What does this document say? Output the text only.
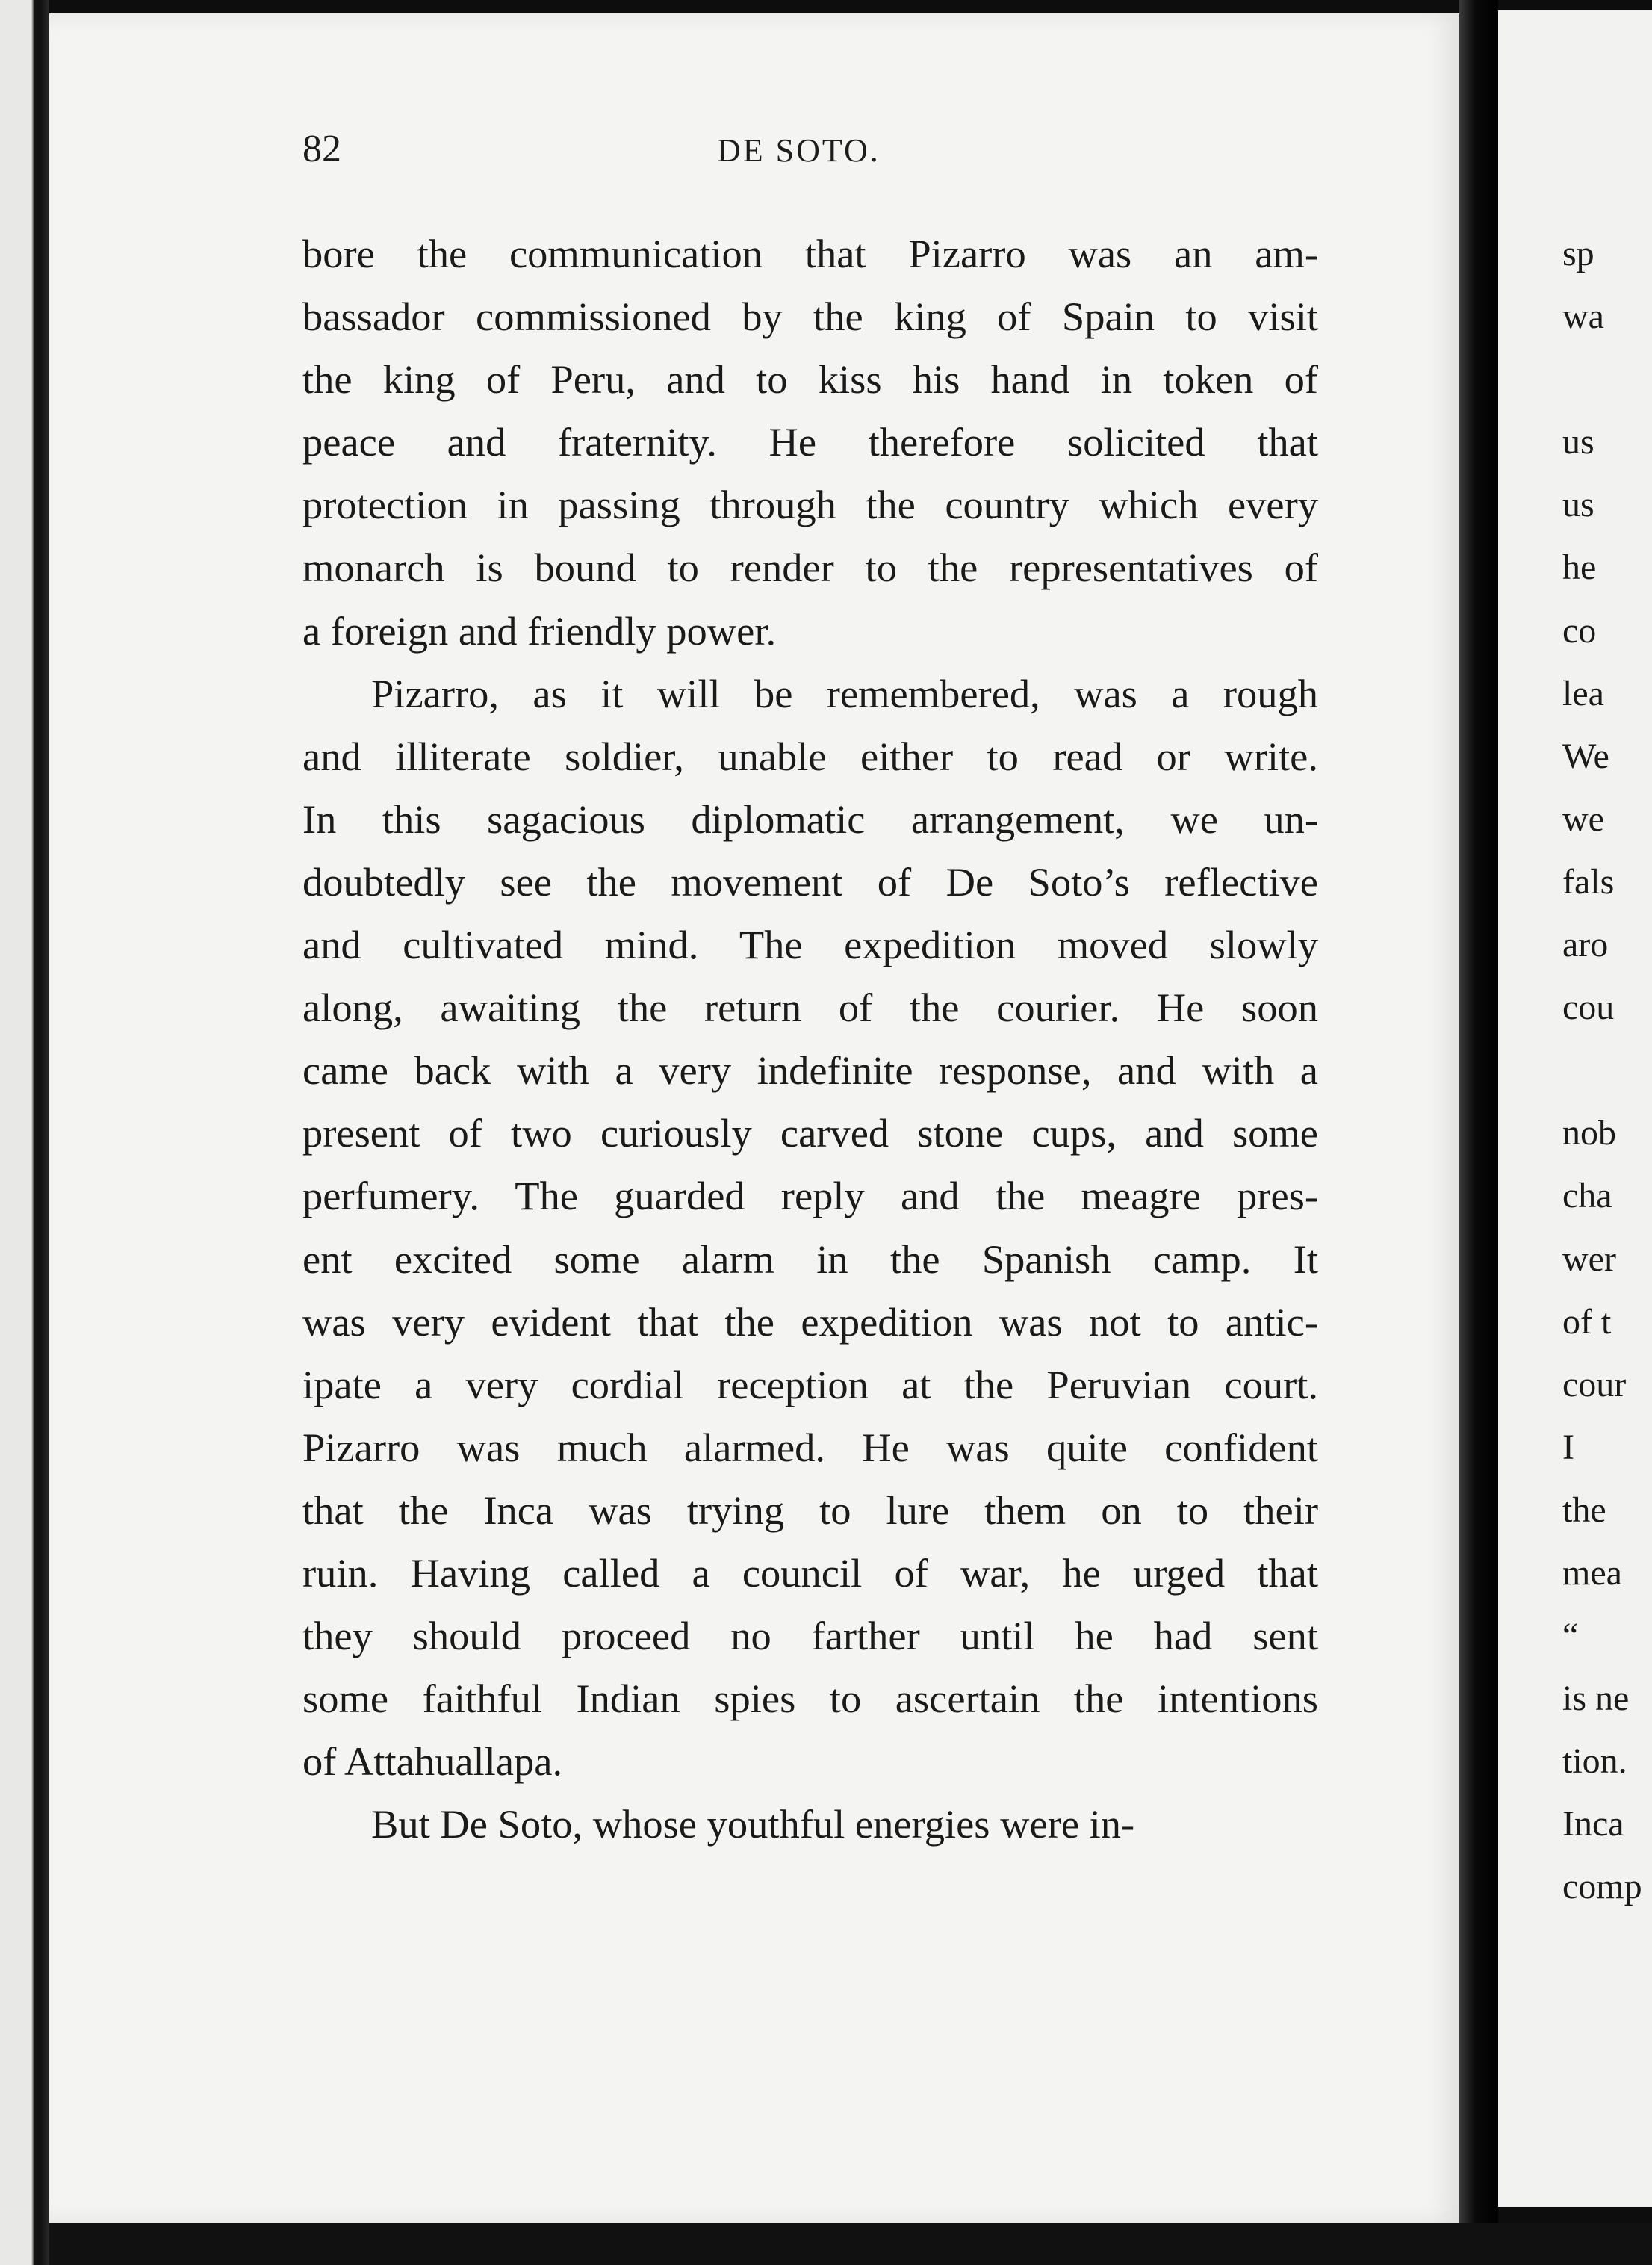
82	DE SOTO.
bore the communication that Pizarro was an am-
bassador commissioned by the king of Spain to visit
the king of Peru, and to kiss his hand in token of
peace and fraternity. He therefore solicited that
protection in passing through the country which every
monarch is bound to render to the representatives of
a foreign and friendly power.
Pizarro, as it will be remembered, was a rough
and illiterate soldier, unable either to read or write.
In this sagacious diplomatic arrangement, we un-
doubtedly see the movement of De Soto’s reflective
and cultivated mind. The expedition moved slowly
along, awaiting the return of the courier. He soon
came back with a very indefinite response, and with a
present of two curiously carved stone cups, and some
perfumery. The guarded reply and the meagre pres-
ent excited some alarm in the Spanish camp. It
was very evident that the expedition was not to antic-
ipate a very cordial reception at the Peruvian court.
Pizarro was much alarmed. He was quite confident
that the Inca was trying to lure them on to their
ruin. Having called a council of war, he urged that
they should proceed no farther until he had sent
some faithful Indian spies to ascertain the intentions
of Attahuallapa.
But De Soto, whose youthful energies were in-
sp
wa
us
us
he
co
lea
We
we
fals
aro
cou
nob
cha
wer
of t
cour
I
the
mea
“
is ne
tion.
Inca
comp
